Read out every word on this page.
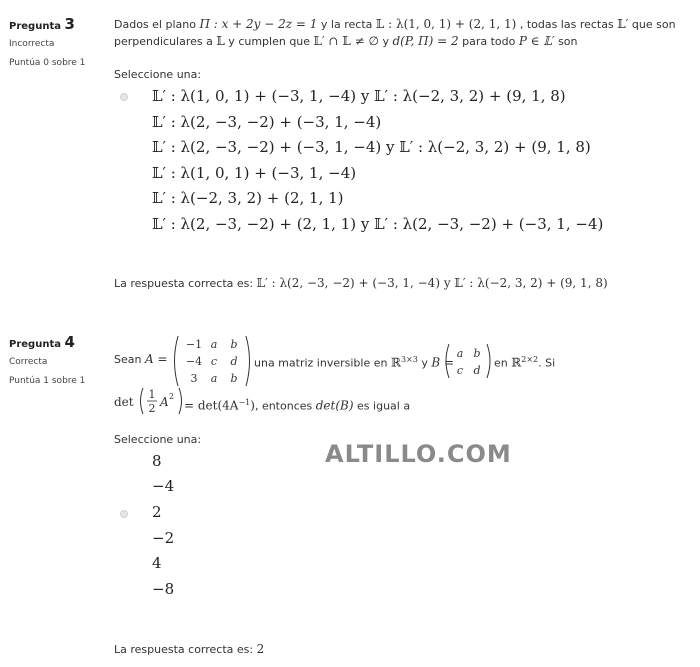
Pregunta 3
Incorrecta
Puntúa 0 sobre 1
Dados el plano Π : x + 2y − 2z = 1 y la recta 𝕃 : λ(1, 0, 1) + (2, 1, 1) , todas las rectas 𝕃′ que son
perpendiculares a 𝕃 y cumplen que 𝕃′ ∩ 𝕃 ≠ ∅ y d(P, Π) = 2 para todo P ∈ 𝕃′ son
Seleccione una:
𝕃′ : λ(1, 0, 1) + (−3, 1, −4) y 𝕃′ : λ(−2, 3, 2) + (9, 1, 8)
𝕃′ : λ(2, −3, −2) + (−3, 1, −4)
𝕃′ : λ(2, −3, −2) + (−3, 1, −4) y 𝕃′ : λ(−2, 3, 2) + (9, 1, 8)
𝕃′ : λ(1, 0, 1) + (−3, 1, −4)
𝕃′ : λ(−2, 3, 2) + (2, 1, 1)
𝕃′ : λ(2, −3, −2) + (2, 1, 1) y 𝕃′ : λ(2, −3, −2) + (−3, 1, −4)
La respuesta correcta es: 𝕃′ : λ(2, −3, −2) + (−3, 1, −4) y 𝕃′ : λ(−2, 3, 2) + (9, 1, 8)
Pregunta 4
Correcta
Puntúa 1 sobre 1
Sean A =
−1 a b
−4 c d
3 a b
una matriz inversible en ℝ$^{3\times 3}$ y B =
a b
c d
en ℝ$^{2\times 2}$. Si
det
1
2 A 2
= $\det(4A^{-1})$, entonces det(B) es igual a
Seleccione una:
8
−4
2
−2
4
−8
La respuesta correcta es: 2
ALTILLO.COM
